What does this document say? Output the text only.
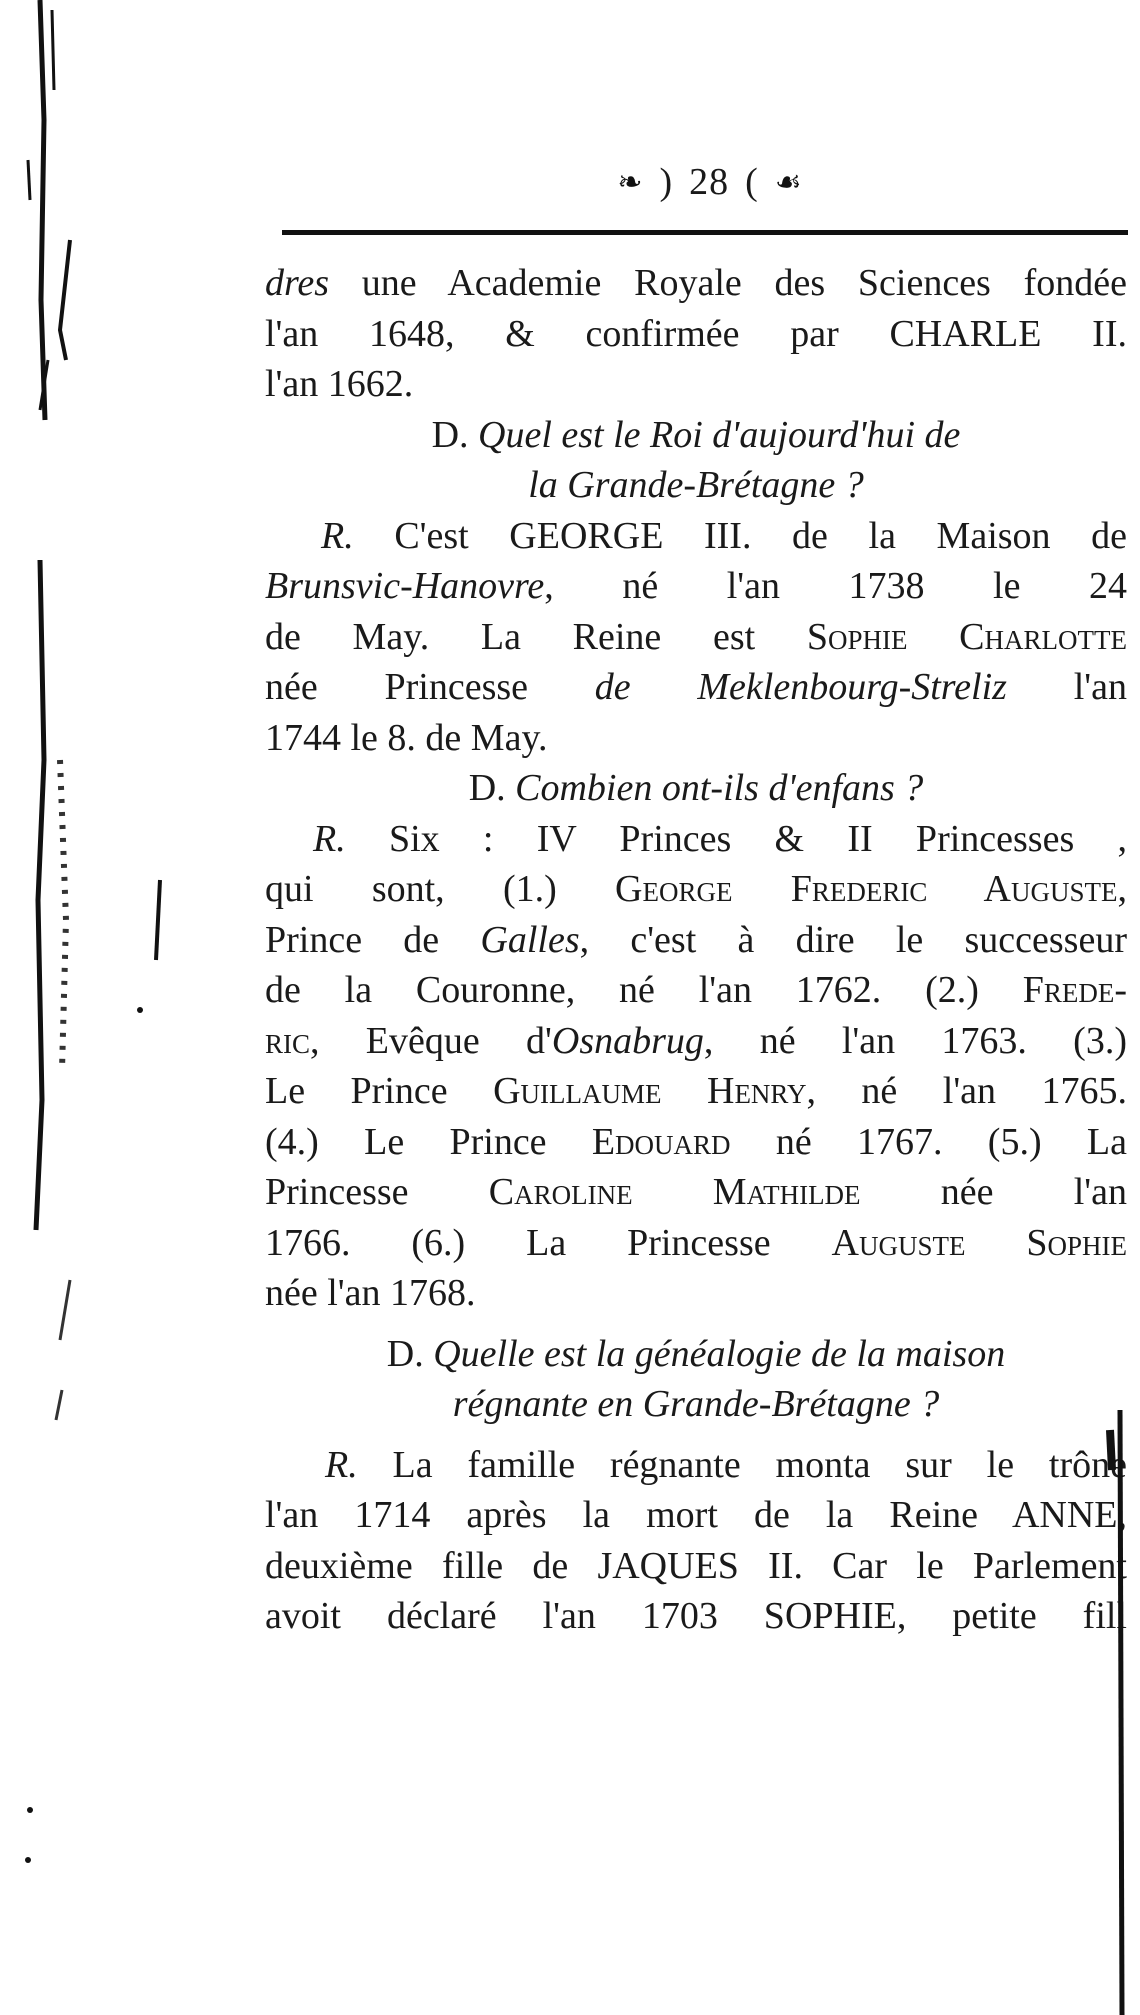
❧ ) 28 ( ☙
dres une Academie Royale des Sciences fondée
l'an 1648, & confirmée par CHARLE II.
l'an 1662.
D. Quel est le Roi d'aujourd'hui de
la Grande-Brétagne ?
R. C'est GEORGE III. de la Maison de
Brunsvic-Hanovre, né l'an 1738 le 24
de May. La Reine est Sophie Charlotte
née Princesse de Meklenbourg-Streliz l'an
1744 le 8. de May.
D. Combien ont-ils d'enfans ?
R. Six : IV Princes & II Princesses ,
qui sont, (1.) George Frederic Auguste,
Prince de Galles, c'est à dire le successeur
de la Couronne, né l'an 1762. (2.) Frede-
ric, Evêque d'Osnabrug, né l'an 1763. (3.)
Le Prince Guillaume Henry, né l'an 1765.
(4.) Le Prince Edouard né 1767. (5.) La
Princesse Caroline Mathilde née l'an
1766. (6.) La Princesse Auguste Sophie
née l'an 1768.
D. Quelle est la généalogie de la maison
régnante en Grande-Brétagne ?
R. La famille régnante monta sur le trône
l'an 1714 après la mort de la Reine ANNE,
deuxième fille de JAQUES II. Car le Parlement
avoit déclaré l'an 1703 SOPHIE, petite fill
